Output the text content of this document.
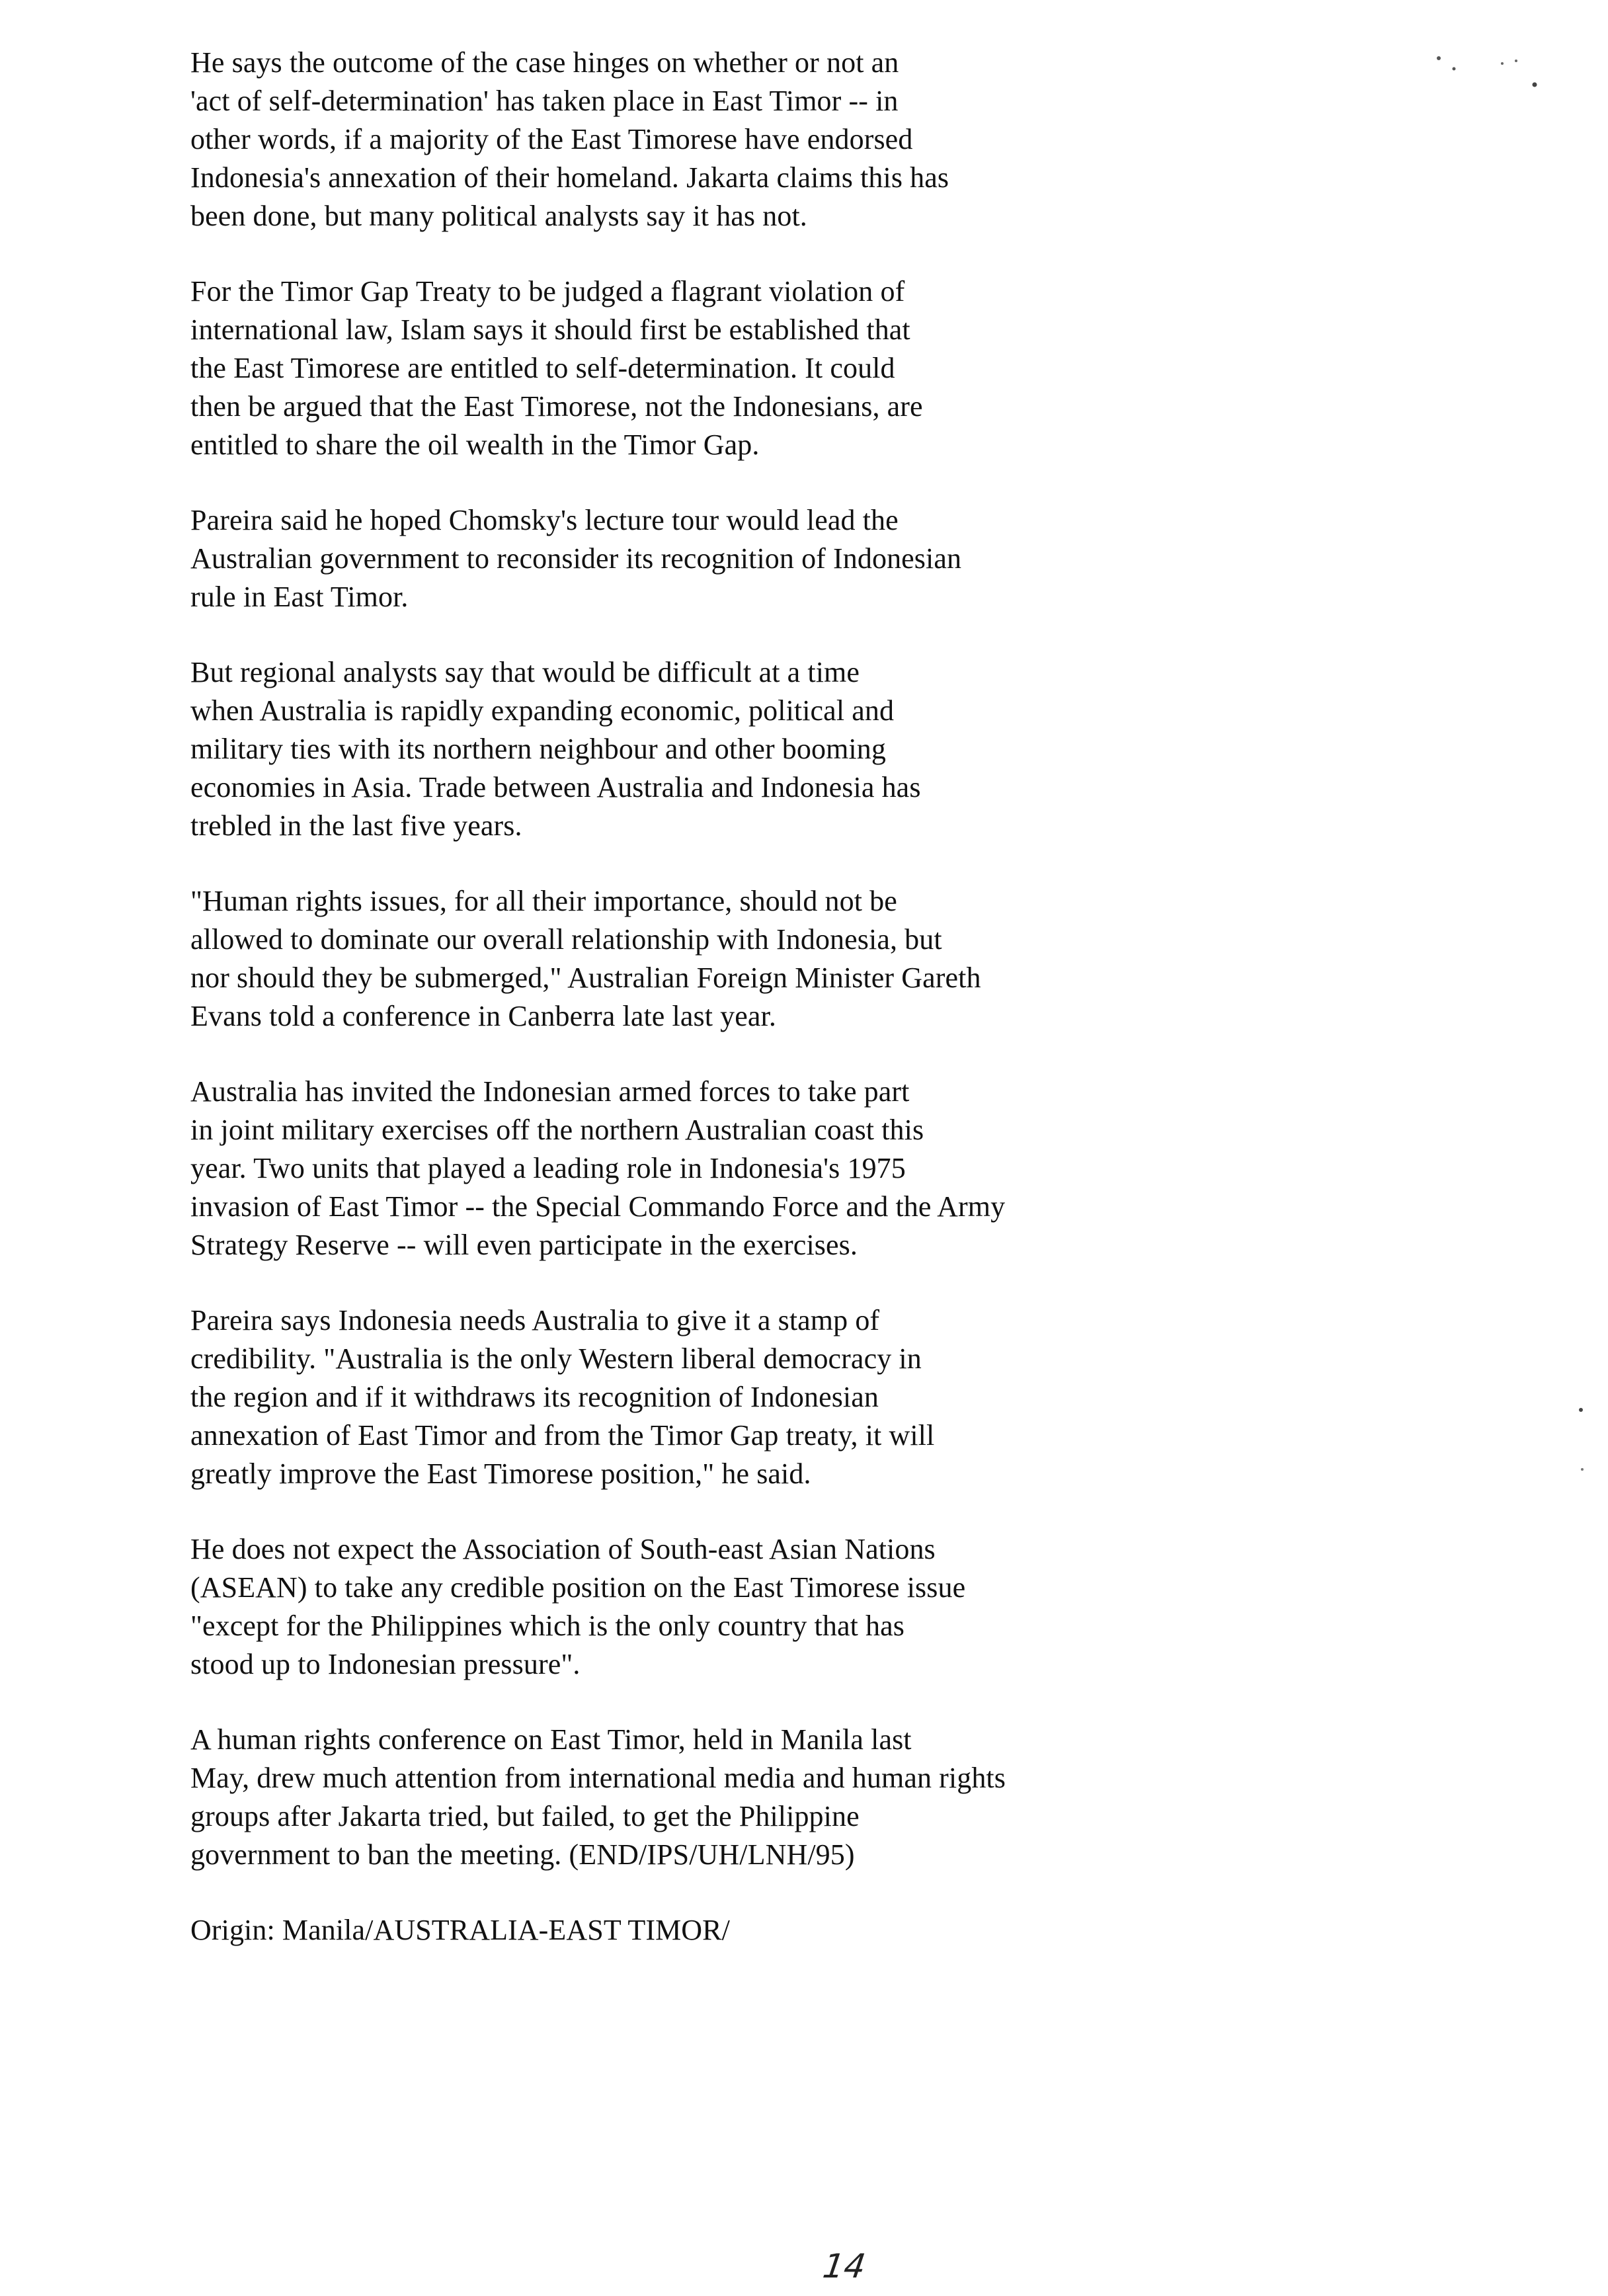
He says the outcome of the case hinges on whether or not an
'act of self-determination' has taken place in East Timor -- in
other words, if a majority of the East Timorese have endorsed
Indonesia's annexation of their homeland. Jakarta claims this has
been done, but many political analysts say it has not.

For the Timor Gap Treaty to be judged a flagrant violation of
international law, Islam says it should first be established that
the East Timorese are entitled to self-determination. It could
then be argued that the East Timorese, not the Indonesians, are
entitled to share the oil wealth in the Timor Gap.

Pareira said he hoped Chomsky's lecture tour would lead the
Australian government to reconsider its recognition of Indonesian
rule in East Timor.

But regional analysts say that would be difficult at a time
when Australia is rapidly expanding economic, political and
military ties with its northern neighbour and other booming
economies in Asia. Trade between Australia and Indonesia has
trebled in the last five years.

"Human rights issues, for all their importance, should not be
allowed to dominate our overall relationship with Indonesia, but
nor should they be submerged," Australian Foreign Minister Gareth
Evans told a conference in Canberra late last year.

Australia has invited the Indonesian armed forces to take part
in joint military exercises off the northern Australian coast this
year. Two units that played a leading role in Indonesia's 1975
invasion of East Timor -- the Special Commando Force and the Army
Strategy Reserve -- will even participate in the exercises.

Pareira says Indonesia needs Australia to give it a stamp of
credibility. "Australia is the only Western liberal democracy in
the region and if it withdraws its recognition of Indonesian
annexation of East Timor and from the Timor Gap treaty, it will
greatly improve the East Timorese position," he said.

He does not expect the Association of South-east Asian Nations
(ASEAN) to take any credible position on the East Timorese issue
"except for the Philippines which is the only country that has
stood up to Indonesian pressure".

A human rights conference on East Timor, held in Manila last
May, drew much attention from international media and human rights
groups after Jakarta tried, but failed, to get the Philippine
government to ban the meeting. (END/IPS/UH/LNH/95)

Origin: Manila/AUSTRALIA-EAST TIMOR/

14
